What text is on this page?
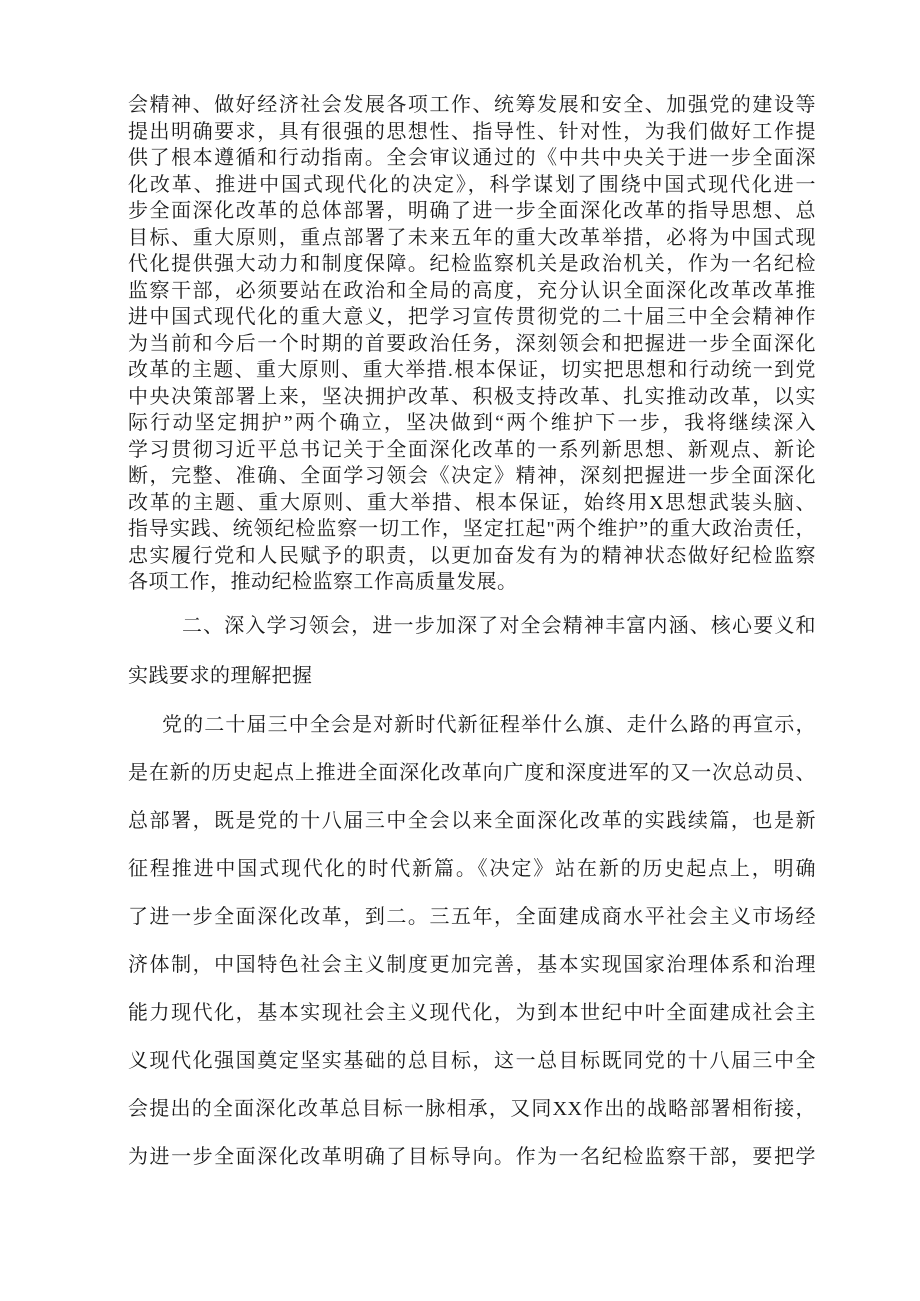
会精神、做好经济社会发展各项工作、统筹发展和安全、加强党的建设等
提出明确要求，具有很强的思想性、指导性、针对性，为我们做好工作提
供了根本遵循和行动指南。全会审议通过的《中共中央关于进一步全面深
化改革、推进中国式现代化的决定》，科学谋划了围绕中国式现代化进一
步全面深化改革的总体部署，明确了进一步全面深化改革的指导思想、总
目标、重大原则，重点部署了未来五年的重大改革举措，必将为中国式现
代化提供强大动力和制度保障。纪检监察机关是政治机关，作为一名纪检
监察干部，必须要站在政治和全局的高度，充分认识全面深化改革改革推
进中国式现代化的重大意义，把学习宣传贯彻党的二十届三中全会精神作
为当前和今后一个时期的首要政治任务，深刻领会和把握进一步全面深化
改革的主题、重大原则、重大举措.根本保证，切实把思想和行动统一到党
中央决策部署上来，坚决拥护改革、积极支持改革、扎实推动改革，以实
际行动坚定拥护”两个确立，坚决做到“两个维护下一步，我将继续深入
学习贯彻习近平总书记关于全面深化改革的一系列新思想、新观点、新论
断，完整、准确、全面学习领会《决定》精神，深刻把握进一步全面深化
改革的主题、重大原则、重大举措、根本保证，始终用X思想武装头脑、
指导实践、统领纪检监察一切工作，坚定扛起"两个维护”的重大政治责任，
忠实履行党和人民赋予的职责，以更加奋发有为的精神状态做好纪检监察
各项工作，推动纪检监察工作高质量发展。
二、深入学习领会，进一步加深了对全会精神丰富内涵、核心要义和
实践要求的理解把握
党的二十届三中全会是对新时代新征程举什么旗、走什么路的再宣示，
是在新的历史起点上推进全面深化改革向广度和深度进军的又一次总动员、
总部署，既是党的十八届三中全会以来全面深化改革的实践续篇，也是新
征程推进中国式现代化的时代新篇。《决定》站在新的历史起点上，明确
了进一步全面深化改革，到二。三五年，全面建成商水平社会主义市场经
济体制，中国特色社会主义制度更加完善，基本实现国家治理体系和治理
能力现代化，基本实现社会主义现代化，为到本世纪中叶全面建成社会主
义现代化强国奠定坚实基础的总目标，这一总目标既同党的十八届三中全
会提出的全面深化改革总目标一脉相承，又同XX作出的战略部署相衔接，
为进一步全面深化改革明确了目标导向。作为一名纪检监察干部，要把学
